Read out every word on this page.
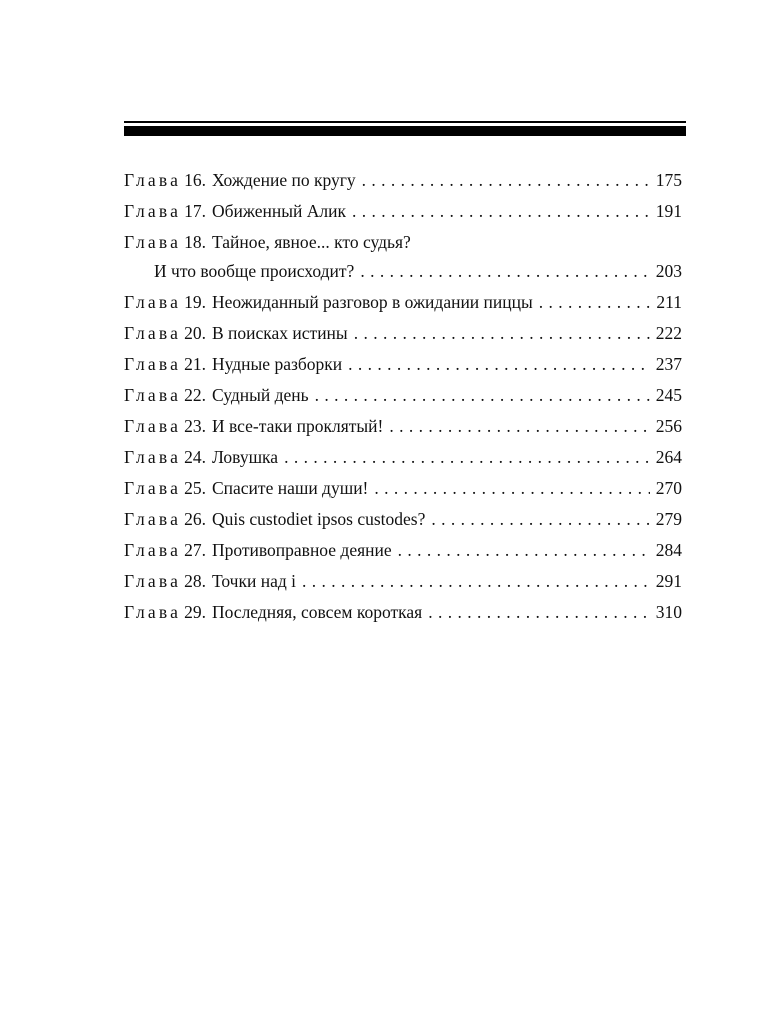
Глава 16. Хождение по кругу . . .	175
Глава 17. Обиженный Алик . . .	191
Глава 18. Тайное, явное... кто судья?
И что вообще происходит? . . .	203
Глава 19. Неожиданный разговор в ожидании пиццы . . .	211
Глава 20. В поисках истины . . .	222
Глава 21. Нудные разборки . . .	237
Глава 22. Судный день . . .	245
Глава 23. И все-таки проклятый! . . .	256
Глава 24. Ловушка . . .	264
Глава 25. Спасите наши души! . . .	270
Глава 26. Quis custodiet ipsos custodes? . . .	279
Глава 27. Противоправное деяние . . .	284
Глава 28. Точки над і . . .	291
Глава 29. Последняя, совсем короткая . . .	310
